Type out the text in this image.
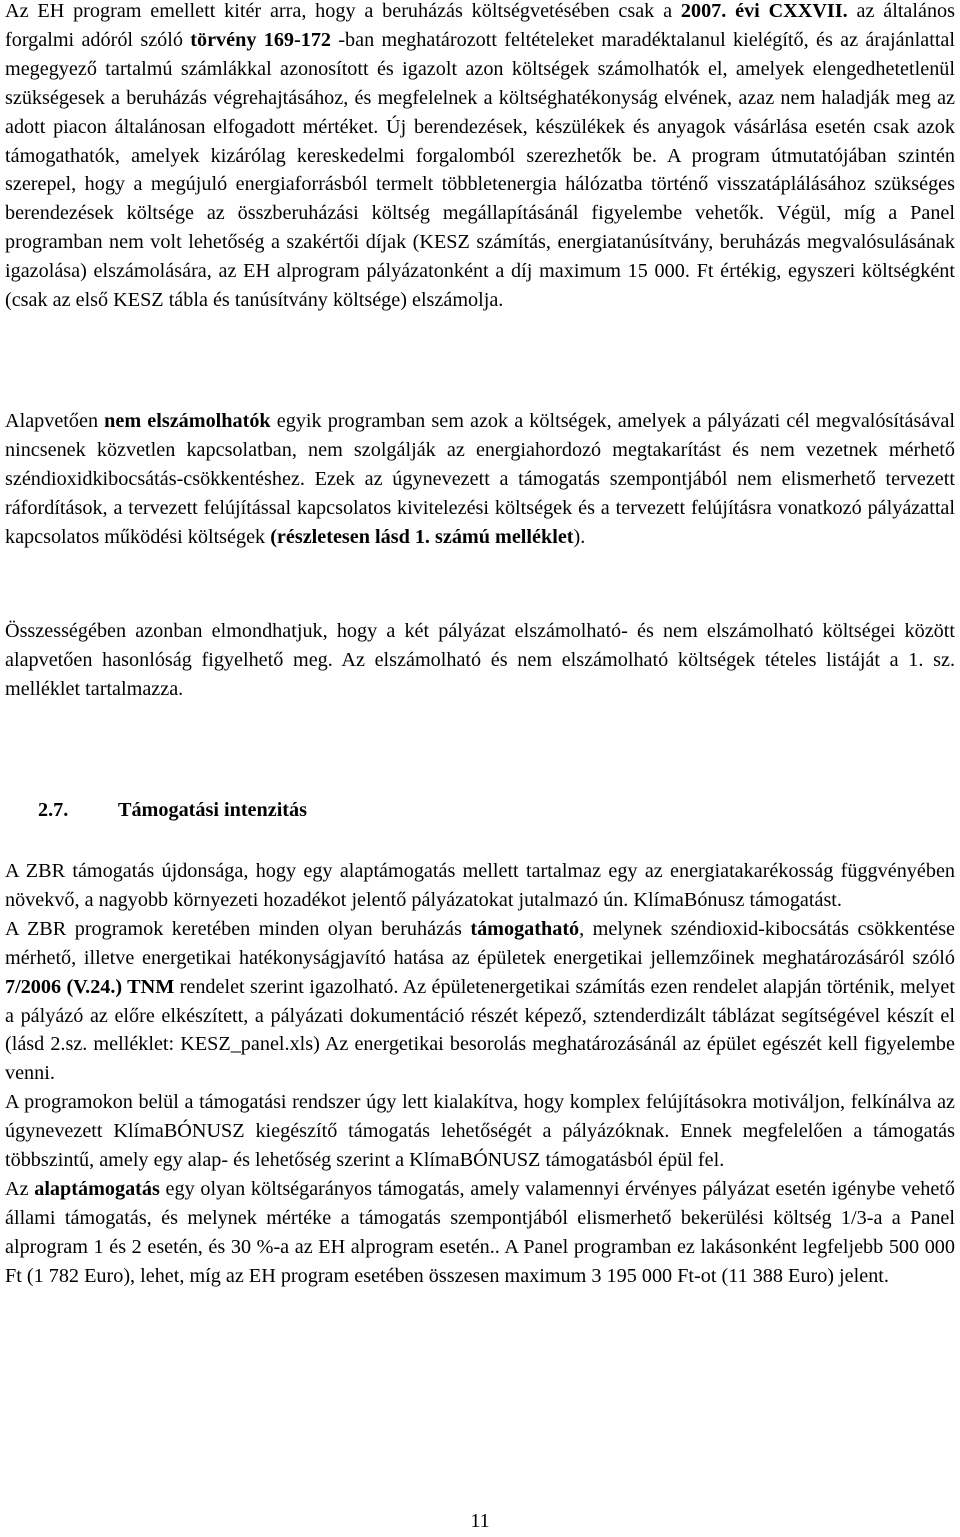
Az EH program emellett kitér arra, hogy a beruházás költségvetésében csak a 2007. évi CXXVII. az általános forgalmi adóról szóló törvény 169-172 -ban meghatározott feltételeket maradéktalanul kielégítő, és az árajánlattal megegyező tartalmú számlákkal azonosított és igazolt azon költségek számolhatók el, amelyek elengedhetetlenül szükségesek a beruházás végrehajtásához, és megfelelnek a költséghatékonyság elvének, azaz nem haladják meg az adott piacon általánosan elfogadott mértéket. Új berendezések, készülékek és anyagok vásárlása esetén csak azok támogathatók, amelyek kizárólag kereskedelmi forgalomból szerezhetők be. A program útmutatójában szintén szerepel, hogy a megújuló energiaforrásból termelt többletenergia hálózatba történő visszatáplálásához szükséges berendezések költsége az összberuházási költség megállapításánál figyelembe vehetők. Végül, míg a Panel programban nem volt lehetőség a szakértői díjak (KESZ számítás, energiatanúsítvány, beruházás megvalósulásának igazolása) elszámolására, az EH alprogram pályázatonként a díj maximum 15 000. Ft értékig, egyszeri költségként (csak az első KESZ tábla és tanúsítvány költsége) elszámolja.

Alapvetően nem elszámolhatók egyik programban sem azok a költségek, amelyek a pályázati cél megvalósításával nincsenek közvetlen kapcsolatban, nem szolgálják az energiahordozó megtakarítást és nem vezetnek mérhető széndioxidkibocsátás-csökkentéshez. Ezek az úgynevezett a támogatás szempontjából nem elismerhető tervezett ráfordítások, a tervezett felújítással kapcsolatos kivitelezési költségek és a tervezett felújításra vonatkozó pályázattal kapcsolatos működési költségek (részletesen lásd 1. számú melléklet).

Összességében azonban elmondhatjuk, hogy a két pályázat elszámolható- és nem elszámolható költségei között alapvetően hasonlóság figyelhető meg. Az elszámolható és nem elszámolható költségek tételes listáját a 1. sz. melléklet tartalmazza.

2.7. Támogatási intenzitás
A ZBR támogatás újdonsága, hogy egy alaptámogatás mellett tartalmaz egy az energiatakarékosság függvényében növekvő, a nagyobb környezeti hozadékot jelentő pályázatokat jutalmazó ún. KlímaBónusz támogatást.
A ZBR programok keretében minden olyan beruházás támogatható, melynek széndioxid-kibocsátás csökkentése mérhető, illetve energetikai hatékonyságjavító hatása az épületek energetikai jellemzőinek meghatározásáról szóló 7/2006 (V.24.) TNM rendelet szerint igazolható. Az épületenergetikai számítás ezen rendelet alapján történik, melyet a pályázó az előre elkészített, a pályázati dokumentáció részét képező, sztenderdizált táblázat segítségével készít el (lásd 2.sz. melléklet: KESZ_panel.xls) Az energetikai besorolás meghatározásánál az épület egészét kell figyelembe venni.
A programokon belül a támogatási rendszer úgy lett kialakítva, hogy komplex felújításokra motiváljon, felkínálva az úgynevezett KlímaBÓNUSZ kiegészítő támogatás lehetőségét a pályázóknak. Ennek megfelelően a támogatás többszintű, amely egy alap- és lehetőség szerint a KlímaBÓNUSZ támogatásból épül fel.
Az alaptámogatás egy olyan költségarányos támogatás, amely valamennyi érvényes pályázat esetén igénybe vehető állami támogatás, és melynek mértéke a támogatás szempontjából elismerhető bekerülési költség 1/3-a a Panel alprogram 1 és 2 esetén, és 30 %-a az EH alprogram esetén.. A Panel programban ez lakásonként legfeljebb 500 000 Ft (1 782 Euro), lehet, míg az EH program esetében összesen maximum 3 195 000 Ft-ot (11 388 Euro) jelent.

11
